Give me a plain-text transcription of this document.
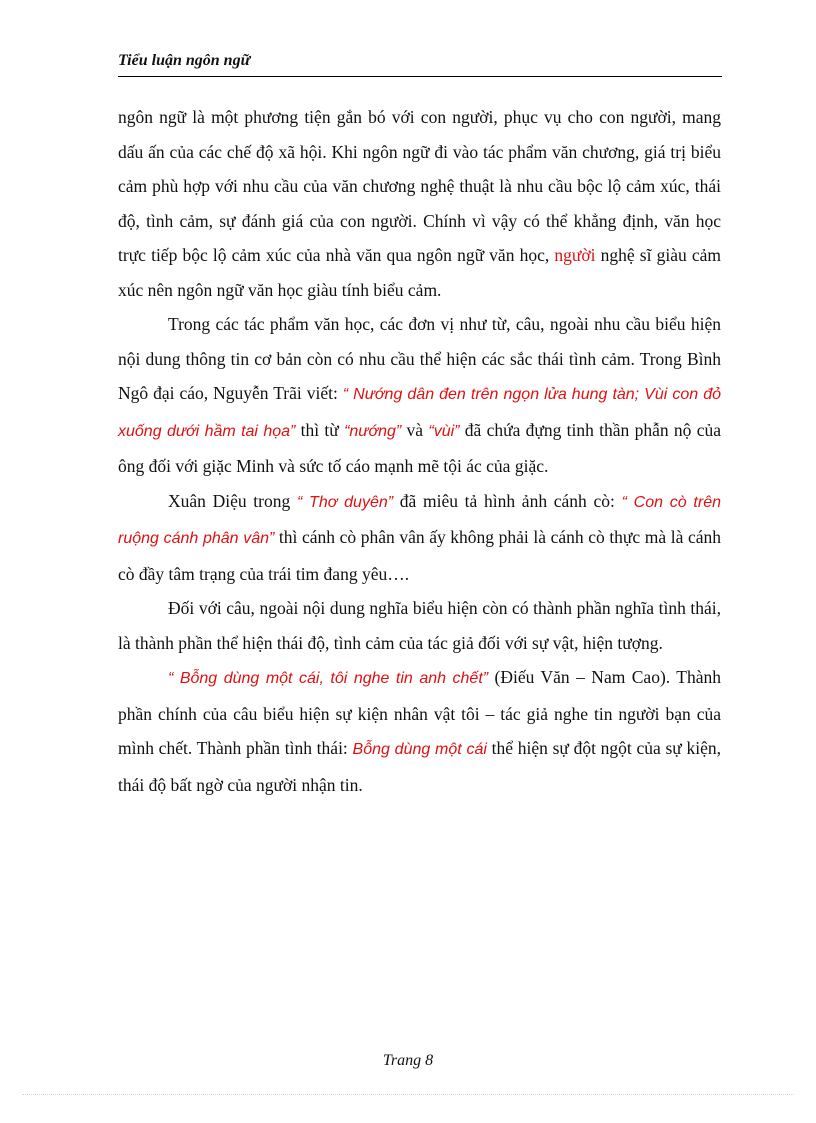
Tiểu luận ngôn ngữ

ngôn ngữ là một phương tiện gắn bó với con người, phục vụ cho con người, mang dấu ấn của các chế độ xã hội. Khi ngôn ngữ đi vào tác phẩm văn chương, giá trị biểu cảm phù hợp với nhu cầu của văn chương nghệ thuật là nhu cầu bộc lộ cảm xúc, thái độ, tình cảm, sự đánh giá của con người. Chính vì vậy có thể khẳng định, văn học trực tiếp bộc lộ cảm xúc của nhà văn qua ngôn ngữ văn học, người nghệ sĩ giàu cảm xúc nên ngôn ngữ văn học giàu tính biểu cảm.

Trong các tác phẩm văn học, các đơn vị như từ, câu, ngoài nhu cầu biểu hiện nội dung thông tin cơ bản còn có nhu cầu thể hiện các sắc thái tình cảm. Trong Bình Ngô đại cáo, Nguyễn Trãi viết: “ Nướng dân đen trên ngọn lửa hung tàn; Vùi con đỏ xuống dưới hầm tai họa” thì từ “nướng” và “vùi” đã chứa đựng tinh thần phẫn nộ của ông đối với giặc Minh và sức tố cáo mạnh mẽ tội ác của giặc.

Xuân Diệu trong “ Thơ duyên” đã miêu tả hình ảnh cánh cò: “ Con cò trên ruộng cánh phân vân” thì cánh cò phân vân ấy không phải là cánh cò thực mà là cánh cò đầy tâm trạng của trái tim đang yêu….

Đối với câu, ngoài nội dung nghĩa biểu hiện còn có thành phần nghĩa tình thái, là thành phần thể hiện thái độ, tình cảm của tác giả đối với sự vật, hiện tượng.

“ Bỗng dùng một cái, tôi nghe tin anh chết” (Điếu Văn – Nam Cao). Thành phần chính của câu biểu hiện sự kiện nhân vật tôi – tác giả nghe tin người bạn của mình chết. Thành phần tình thái: Bỗng dùng một cái thể hiện sự đột ngột của sự kiện, thái độ bất ngờ của người nhận tin.

Trang 8
